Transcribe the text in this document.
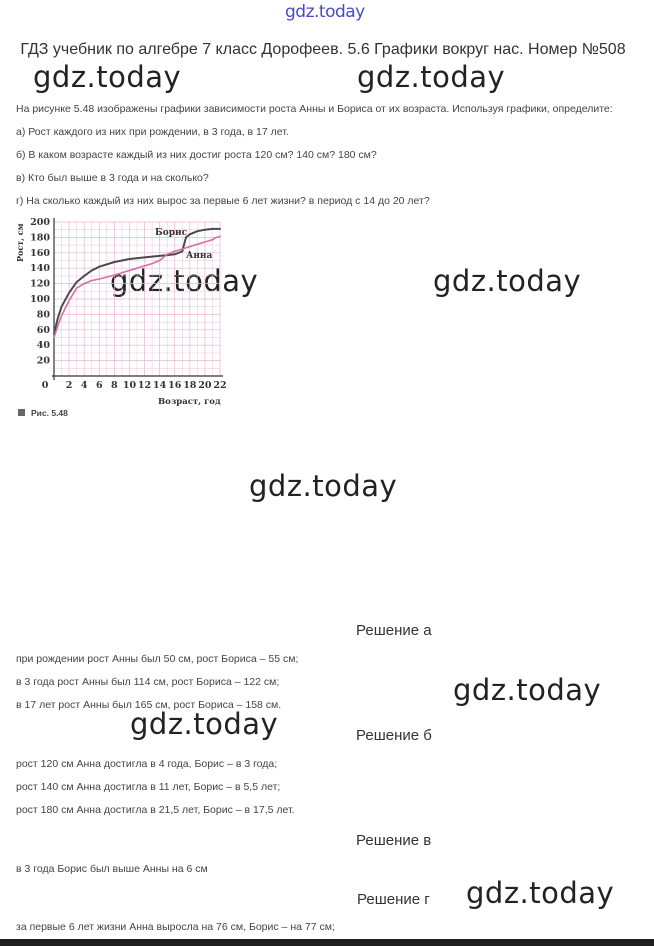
gdz.today
ГДЗ учебник по алгебре 7 класс Дорофеев. 5.6 Графики вокруг нас. Номер №508
gdz.today	gdz.today
gdz.today	gdz.today
gdz.today
gdz.today
gdz.today
gdz.today
На рисунке 5.48 изображены графики зависимости роста Анны и Бориса от их возраста. Используя графики, определите:
а) Рост каждого из них при рождении, в 3 года, в 17 лет.
б) В каком возрасте каждый из них достиг роста 120 см? 140 см? 180 см?
в) Кто был выше в 3 года и на сколько?
г) На сколько каждый из них вырос за первые 6 лет жизни? в период с 14 до 20 лет?
0 2 4 6 8 10 12 14 16 18 20 22
20
40
60
80
100
120
140
160
180
200
Рост, см
Возраст, год
Борис
Анна
Рис. 5.48
Решение а
при рождении рост Анны был 50 см, рост Бориса – 55 см;
в 3 года рост Анны был 114 см, рост Бориса – 122 см;
в 17 лет рост Анны был 165 см, рост Бориса – 158 см.
Решение б
рост 120 см Анна достигла в 4 года, Борис – в 3 года;
рост 140 см Анна достигла в 11 лет, Борис – в 5,5 лет;
рост 180 см Анна достигла в 21,5 лет, Борис – в 17,5 лет.
Решение в
в 3 года Борис был выше Анны на 6 см
Решение г
за первые 6 лет жизни Анна выросла на 76 см, Борис – на 77 см;
